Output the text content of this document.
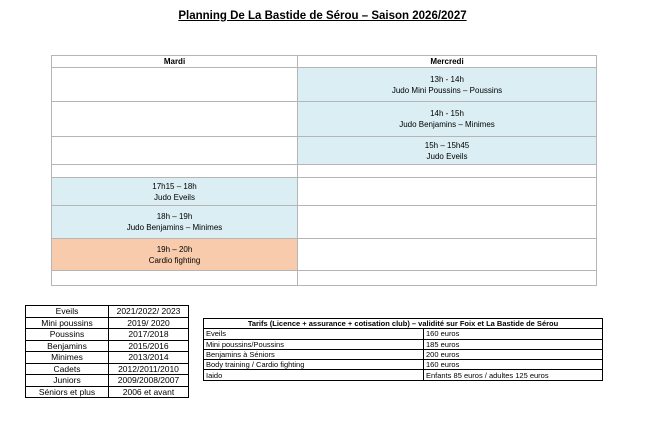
Planning De La Bastide de Sérou – Saison 2026/2027
Mardi	Mercredi

	13h - 14h
Judo Mini Poussins – Poussins

	14h - 15h
Judo Benjamins – Minimes

	15h – 15h45
Judo Eveils

17h15 – 18h
Judo Eveils	

18h – 19h
Judo Benjamins – Minimes	

19h – 20h
Cardio fighting	

Eveils	2021/2022/ 2023
Mini poussins	2019/ 2020
Poussins	2017/2018
Benjamins	2015/2016
Minimes	2013/2014
Cadets	2012/2011/2010
Juniors	2009/2008/2007
Séniors et plus	2006 et avant
Tarifs (Licence + assurance + cotisation club) – validité sur Foix et La Bastide de Sérou	
Eveils	160 euros
Mini poussins/Poussins	185 euros
Benjamins à Séniors	200 euros
Body training / Cardio fighting	160 euros
Iaido	Enfants 85 euros / adultes 125 euros
